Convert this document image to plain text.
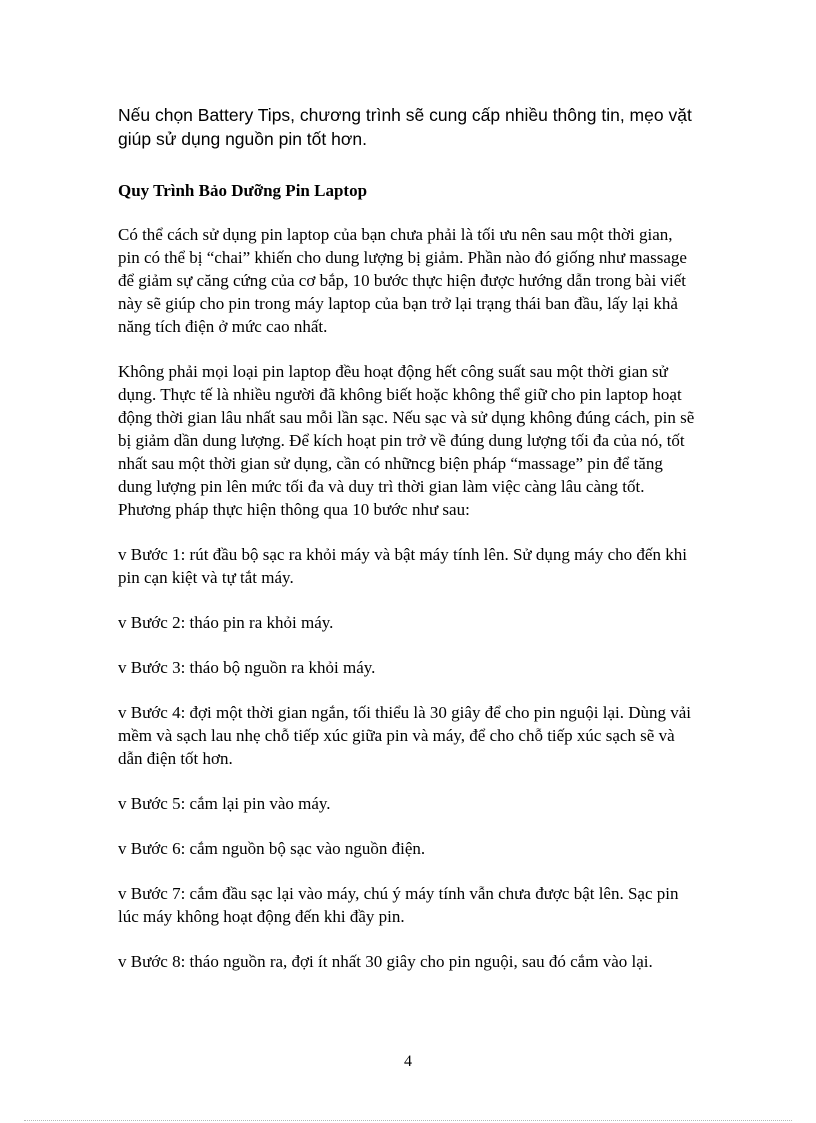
Nếu chọn Battery Tips, chương trình sẽ cung cấp nhiều thông tin, mẹo vặt giúp sử dụng nguồn pin tốt hơn.

Quy Trình Bảo Dưỡng Pin Laptop

Có thể cách sử dụng pin laptop của bạn chưa phải là tối ưu nên sau một thời gian, pin có thể bị “chai” khiến cho dung lượng bị giảm. Phần nào đó giống như massage để giảm sự căng cứng của cơ bắp, 10 bước thực hiện được hướng dẫn trong bài viết này sẽ giúp cho pin trong máy laptop của bạn trở lại trạng thái ban đầu, lấy lại khả năng tích điện ở mức cao nhất.

Không phải mọi loại pin laptop đều hoạt động hết công suất sau một thời gian sử dụng. Thực tế là nhiều người đã không biết hoặc không thể giữ cho pin laptop hoạt động thời gian lâu nhất sau mỗi lần sạc. Nếu sạc và sử dụng không đúng cách, pin sẽ bị giảm dần dung lượng. Để kích hoạt pin trở về đúng dung lượng tối đa của nó, tốt nhất sau một thời gian sử dụng, cần có nhữncg biện pháp “massage” pin để tăng dung lượng pin lên mức tối đa và duy trì thời gian làm việc càng lâu càng tốt. Phương pháp thực hiện thông qua 10 bước như sau:

v Bước 1: rút đầu bộ sạc ra khỏi máy và bật máy tính lên. Sử dụng máy cho đến khi pin cạn kiệt và tự tắt máy.

v Bước 2: tháo pin ra khỏi máy.

v Bước 3: tháo bộ nguồn ra khỏi máy.

v Bước 4: đợi một thời gian ngắn, tối thiểu là 30 giây để cho pin nguội lại. Dùng vải mềm và sạch lau nhẹ chỗ tiếp xúc giữa pin và máy, để cho chỗ tiếp xúc sạch sẽ và dẫn điện tốt hơn.

v Bước 5: cắm lại pin vào máy.

v Bước 6: cắm nguồn bộ sạc vào nguồn điện.

v Bước 7: cắm đầu sạc lại vào máy, chú ý máy tính vẫn chưa được bật lên. Sạc pin lúc máy không hoạt động đến khi đầy pin.

v Bước 8: tháo nguồn ra, đợi ít nhất 30 giây cho pin nguội, sau đó cắm vào lại.

4
